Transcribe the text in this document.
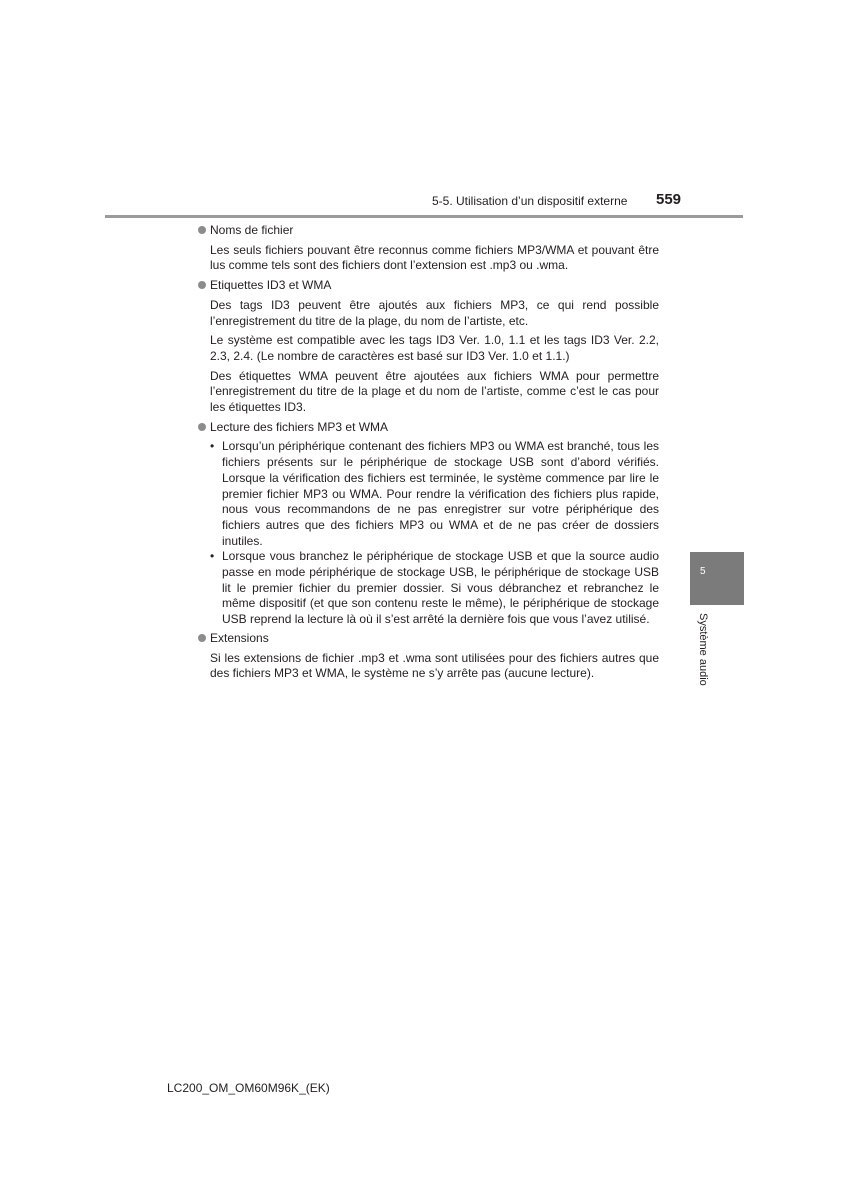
5-5. Utilisation d’un dispositif externe 559
Noms de fichier

Les seuls fichiers pouvant être reconnus comme fichiers MP3/WMA et pouvant être lus comme tels sont des fichiers dont l’extension est .mp3 ou .wma.

Etiquettes ID3 et WMA

Des tags ID3 peuvent être ajoutés aux fichiers MP3, ce qui rend possible l’enregistrement du titre de la plage, du nom de l’artiste, etc.

Le système est compatible avec les tags ID3 Ver. 1.0, 1.1 et les tags ID3 Ver. 2.2, 2.3, 2.4. (Le nombre de caractères est basé sur ID3 Ver. 1.0 et 1.1.)

Des étiquettes WMA peuvent être ajoutées aux fichiers WMA pour permettre l’enregistrement du titre de la plage et du nom de l’artiste, comme c’est le cas pour les étiquettes ID3.

Lecture des fichiers MP3 et WMA
• Lorsqu’un périphérique contenant des fichiers MP3 ou WMA est branché, tous les fichiers présents sur le périphérique de stockage USB sont d’abord vérifiés. Lorsque la vérification des fichiers est terminée, le système commence par lire le premier fichier MP3 ou WMA. Pour rendre la vérification des fichiers plus rapide, nous vous recommandons de ne pas enregistrer sur votre périphérique des fichiers autres que des fichiers MP3 ou WMA et de ne pas créer de dossiers inutiles.
• Lorsque vous branchez le périphérique de stockage USB et que la source audio passe en mode périphérique de stockage USB, le périphérique de stockage USB lit le premier fichier du premier dossier. Si vous débranchez et rebranchez le même dispositif (et que son contenu reste le même), le périphérique de stockage USB reprend la lecture là où il s’est arrêté la dernière fois que vous l’avez utilisé.
Extensions

Si les extensions de fichier .mp3 et .wma sont utilisées pour des fichiers autres que des fichiers MP3 et WMA, le système ne s’y arrête pas (aucune lecture).

5
Système audio
LC200_OM_OM60M96K_(EK)
